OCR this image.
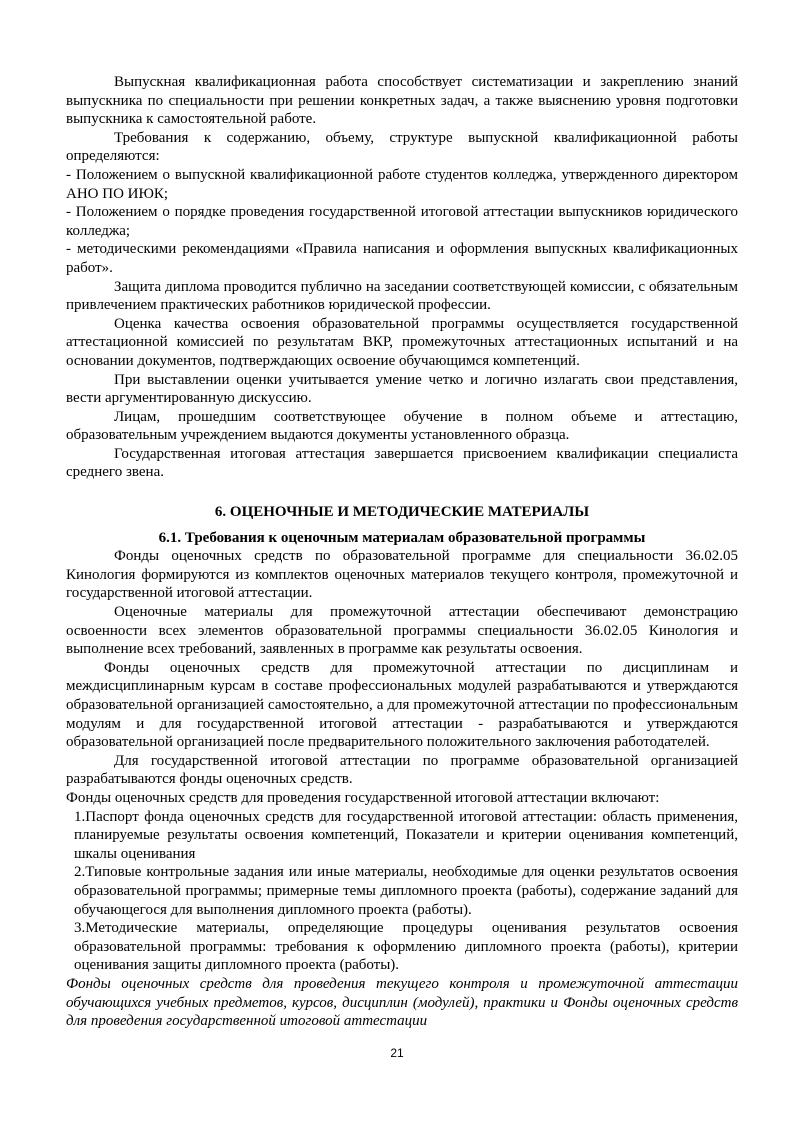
Выпускная квалификационная работа способствует систематизации и закреплению знаний выпускника по специальности при решении конкретных задач, а также выяснению уровня подготовки выпускника к самостоятельной работе.

Требования к содержанию, объему, структуре выпускной квалификационной работы определяются:

- Положением о выпускной квалификационной работе студентов колледжа, утвержденного директором АНО ПО ИЮК;

- Положением о порядке проведения государственной итоговой аттестации выпускников юридического колледжа;

- методическими рекомендациями «Правила написания и оформления выпускных квалификационных работ».

Защита диплома проводится публично на заседании соответствующей комиссии, с обязательным привлечением практических работников юридической профессии.

Оценка качества освоения образовательной программы осуществляется государственной аттестационной комиссией по результатам ВКР, промежуточных аттестационных испытаний и на основании документов, подтверждающих освоение обучающимся компетенций.

При выставлении оценки учитывается умение четко и логично излагать свои представления, вести аргументированную дискуссию.

Лицам, прошедшим соответствующее обучение в полном объеме и аттестацию, образовательным учреждением выдаются документы установленного образца.

Государственная итоговая аттестация завершается присвоением квалификации специалиста среднего звена.

6. ОЦЕНОЧНЫЕ И МЕТОДИЧЕСКИЕ МАТЕРИАЛЫ

6.1. Требования к оценочным материалам образовательной программы

Фонды оценочных средств по образовательной программе для специальности 36.02.05 Кинология формируются из комплектов оценочных материалов текущего контроля, промежуточной и государственной итоговой аттестации.

Оценочные материалы для промежуточной аттестации обеспечивают демонстрацию освоенности всех элементов образовательной программы специальности 36.02.05 Кинология и выполнение всех требований, заявленных в программе как результаты освоения.

Фонды оценочных средств для промежуточной аттестации по дисциплинам и междисциплинарным курсам в составе профессиональных модулей разрабатываются и утверждаются образовательной организацией самостоятельно, а для промежуточной аттестации по профессиональным модулям и для государственной итоговой аттестации - разрабатываются и утверждаются образовательной организацией после предварительного положительного заключения работодателей.

Для государственной итоговой аттестации по программе образовательной организацией разрабатываются фонды оценочных средств.

Фонды оценочных средств для проведения государственной итоговой аттестации включают:

1.Паспорт фонда оценочных средств для государственной итоговой аттестации: область применения, планируемые результаты освоения компетенций, Показатели и критерии оценивания компетенций, шкалы оценивания

2.Типовые контрольные задания или иные материалы, необходимые для оценки результатов освоения образовательной программы; примерные темы дипломного проекта (работы), содержание заданий для обучающегося для выполнения дипломного проекта (работы).

3.Методические материалы, определяющие процедуры оценивания результатов освоения образовательной программы: требования к оформлению дипломного проекта (работы), критерии оценивания защиты дипломного проекта (работы).

Фонды оценочных средств для проведения текущего контроля и промежуточной аттестации обучающихся учебных предметов, курсов, дисциплин (модулей), практики и Фонды оценочных средств для проведения государственной итоговой аттестации

21
